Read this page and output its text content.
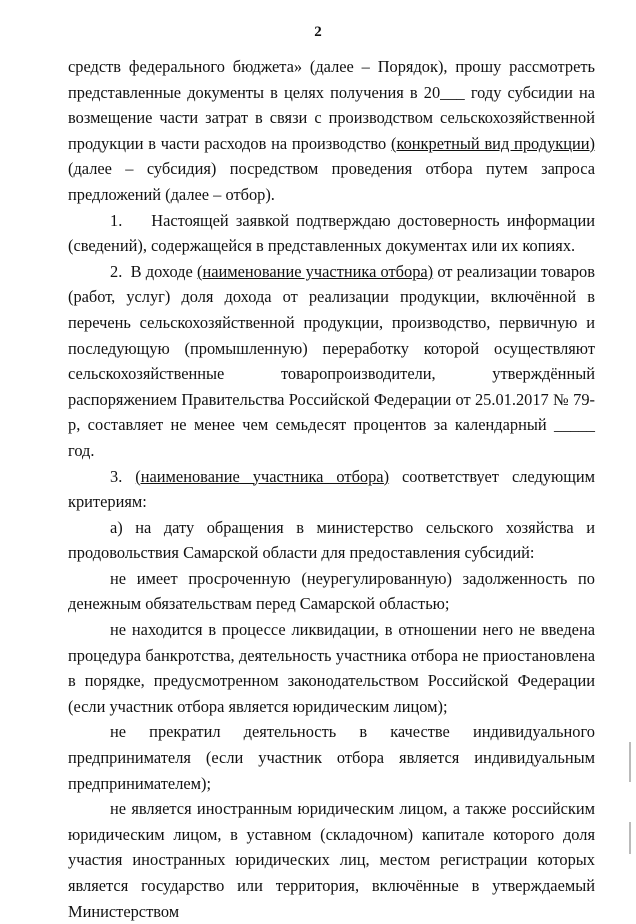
2

средств федерального бюджета» (далее – Порядок), прошу рассмотреть представленные документы в целях получения в 20___ году субсидии на возмещение части затрат в связи с производством сельскохозяйственной продукции в части расходов на производство (конкретный вид продукции) (далее – субсидия) посредством проведения отбора путем запроса предложений (далее – отбор).

1.    Настоящей заявкой подтверждаю достоверность информации (сведений), содержащейся в представленных документах или их копиях.

2.  В доходе (наименование участника отбора) от реализации товаров (работ, услуг) доля дохода от реализации продукции, включённой в перечень сельскохозяйственной продукции, производство, первичную и последующую (промышленную) переработку которой осуществляют сельскохозяйственные товаропроизводители, утверждённый распоряжением Правительства Российской Федерации от 25.01.2017 № 79-р, составляет не менее чем семьдесят процентов за календарный _____ год.

3. (наименование участника отбора) соответствует следующим критериям:

а) на дату обращения в министерство сельского хозяйства и продовольствия Самарской области для предоставления субсидий:

не имеет просроченную (неурегулированную) задолженность по денежным обязательствам перед Самарской областью;

не находится в процессе ликвидации, в отношении него не введена процедура банкротства, деятельность участника отбора не приостановлена в порядке, предусмотренном законодательством Российской Федерации (если участник отбора является юридическим лицом);

не прекратил деятельность в качестве индивидуального предпринимателя (если участник отбора является индивидуальным предпринимателем);

не является иностранным юридическим лицом, а также российским юридическим лицом, в уставном (складочном) капитале которого доля участия иностранных юридических лиц, местом регистрации которых является государство или территория, включённые в утверждаемый Министерством
